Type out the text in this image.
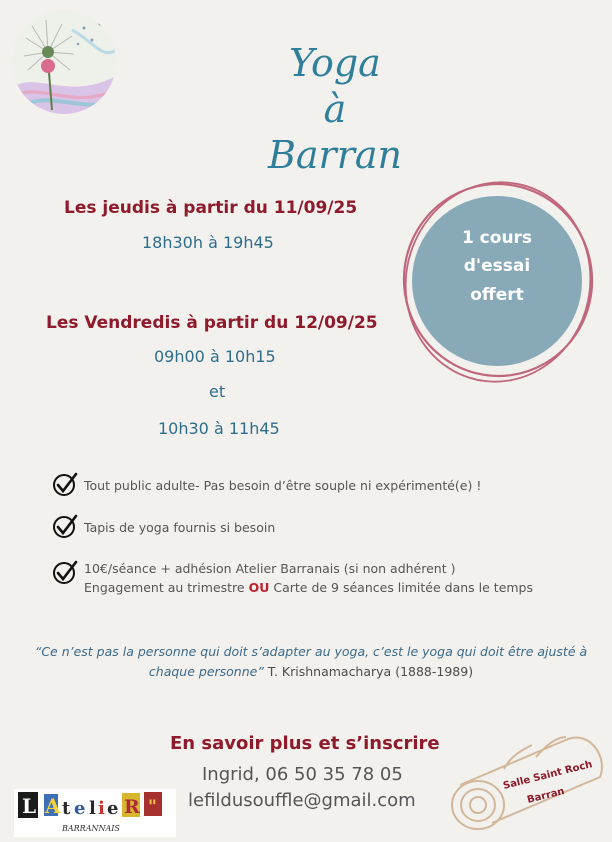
Yoga
à
Barran
Les jeudis à partir du 11/09/25
18h30h à 19h45
Les Vendredis à partir du 12/09/25
09h00 à 10h15
et
10h30 à 11h45
1 cours
d'essai
offert
Tout public adulte- Pas besoin d’être souple ni expérimenté(e) !
Tapis de yoga fournis si besoin
10€/séance + adhésion Atelier Barranais (si non adhérent )
Engagement au trimestre OU Carte de 9 séances limitée dans le temps
“Ce n’est pas la personne qui doit s’adapter au yoga, c’est le yoga qui doit être ajusté à chaque personne” T. Krishnamacharya (1888-1989)
En savoir plus et s’inscrire
Ingrid, 06 50 35 78 05
lefildusouffle@gmail.com
L' A t e l i e R "
BARRANNAIS
Salle Saint Roch
Barran
